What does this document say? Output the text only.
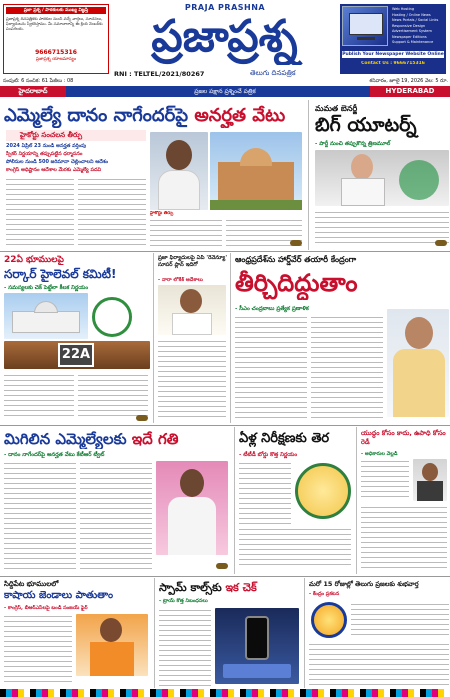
ప్రజా ప్రశ్న / పాఠకులకు ముఖ్య విజ్ఞప్తి
ప్రజాప్రశ్న దినపత్రికకు పాఠకుల నుంచి వచ్చే వార్తలు, సూచనలు, ఫిర్యాదులను స్వీకరిస్తాము. మీ సమాచారాన్ని ఈ క్రింది నెంబర్‌కు పంపగలరు.
9666715316
ప్రజాప్రశ్న యాజమాన్యం
PRAJA PRASHNA
ప్రజాప్రశ్న
RNI : TELTEL/2021/80267	తెలుగు దినపత్రిక
Web Hosting
Hosting / Online News
News Portals / Social Links
Responsive Design
Advertisement System
Newspaper Editions
Support & Maintenance
Publish Your Newspaper Website Online
Contact Us : 9666715316
సంపుటి: 6 సంచిక: 61 పేజీలు : 08	శనివారం, జూలై 19, 2026 వెల: 5 రూ.
హైదరాబాద్	ప్రజల పక్షాన ప్రశ్నించే పత్రిక	HYDERABAD
ఎమ్మెల్యే దానం నాగేందర్‌పై అనర్హత వేటు
హైకోర్టు సంచలన తీర్పు
2024 ఏప్రిల్ 23 నుండి అనర్హత వర్తింపు
స్పీకర్ నిర్ణయాన్ని తప్పుపట్టిన ధర్మాసనం
పోలీసుల నుండి 500 జరిమానా చెల్లించాలని ఆదేశం
కాంగ్రెస్ అధిష్టానం ఆదేశాల మేరకు ఎమ్మెల్యే పదవి
హైకోర్టు తీర్పు
మమత బెనర్జీ
బిగ్ యూటర్న్
- పార్టీ నుంచి తప్పుకొన్న త్రిణమూల్
22ఏ భూములపై
సర్కార్ హైలెవల్ కమిటీ!
- సమస్యలకు చెక్ పెట్టేలా కీలక నిర్ణయం
22A
ప్రజా ఫిర్యాదులపై ఏపీ 'రెవెన్యూ' సూపర్ ప్లాన్‌ ఇదిగో
- నారా లోకేశ్ ఆదేశాలు
ఆంధ్రప్రదేశ్‌ను హార్డ్‌వేర్ తయారీ కేంద్రంగా
తీర్చిదిద్దుతాం
- సీఎం చంద్రబాబు ప్రత్యేక ప్రణాళిక
మిగిలిన ఎమ్మెల్యేలకు ఇదే గతి
- దానం నాగేందర్‌పై అనర్హత వేటు కేటీఆర్ ట్వీట్
ఏళ్ల నిరీక్షణకు తెర
- టీటీడీ బోర్డు కొత్త నిర్ణయం
యుద్ధం కోసం కాదు, ఉపాధి కోసం రెడీ
- అధికారుల వెల్లడి
సిద్దిపేట భూములలో
కాషాయ జెండాలు పాతుతాం
- కాంగ్రెస్, బీఆర్ఎస్‌లపై బండి సంజయ్ ఫైర్
స్పామ్ కాల్స్‌కు ఇక చెక్
- ట్రాయ్ కొత్త నిబంధనలు
మరో 15 రోజుల్లో తెలుగు ప్రజలకు శుభవార్త
- కేంద్రం ప్రకటన
